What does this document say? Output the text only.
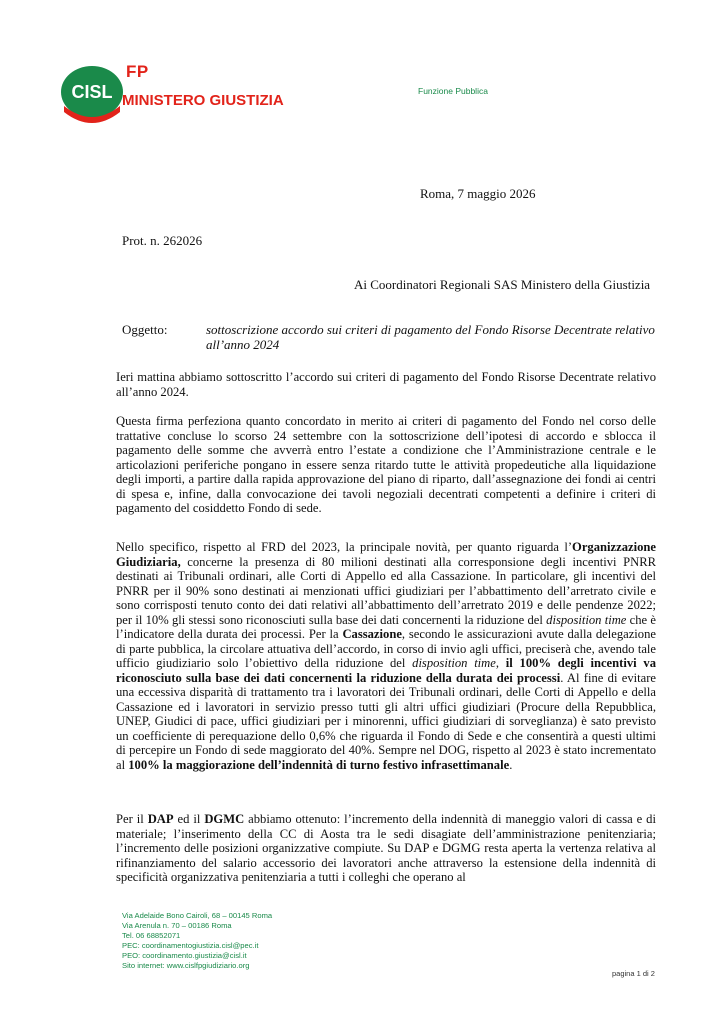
CISL
FP
MINISTERO GIUSTIZIA
Funzione Pubblica
Roma, 7 maggio 2026
Prot. n. 262026
Ai Coordinatori Regionali SAS Ministero della Giustizia
Oggetto:	sottoscrizione accordo sui criteri di pagamento del Fondo Risorse Decentrate relativo all’anno 2024
Ieri mattina abbiamo sottoscritto l’accordo sui criteri di pagamento del Fondo Risorse Decentrate relativo all’anno 2024.
Questa firma perfeziona quanto concordato in merito ai criteri di pagamento del Fondo nel corso delle trattative concluse lo scorso 24 settembre con la sottoscrizione dell’ipotesi di accordo e sblocca il pagamento delle somme che avverrà entro l’estate a condizione che l’Amministrazione centrale e le articolazioni periferiche pongano in essere senza ritardo tutte le attività propedeutiche alla liquidazione degli importi, a partire dalla rapida approvazione del piano di riparto, dall’assegnazione dei fondi ai centri di spesa e, infine, dalla convocazione dei tavoli negoziali decentrati competenti a definire i criteri di pagamento del cosiddetto Fondo di sede.
Nello specifico, rispetto al FRD del 2023, la principale novità, per quanto riguarda l’Organizzazione Giudiziaria, concerne la presenza di 80 milioni destinati alla corresponsione degli incentivi PNRR destinati ai Tribunali ordinari, alle Corti di Appello ed alla Cassazione. In particolare, gli incentivi del PNRR per il 90% sono destinati ai menzionati uffici giudiziari per l’abbattimento dell’arretrato civile e sono corrisposti tenuto conto dei dati relativi all’abbattimento dell’arretrato 2019 e delle pendenze 2022; per il 10% gli stessi sono riconosciuti sulla base dei dati concernenti la riduzione del disposition time che è l’indicatore della durata dei processi. Per la Cassazione, secondo le assicurazioni avute dalla delegazione di parte pubblica, la circolare attuativa dell’accordo, in corso di invio agli uffici, preciserà che, avendo tale ufficio giudiziario solo l’obiettivo della riduzione del disposition time, il 100% degli incentivi va riconosciuto sulla base dei dati concernenti la riduzione della durata dei processi. Al fine di evitare una eccessiva disparità di trattamento tra i lavoratori dei Tribunali ordinari, delle Corti di Appello e della Cassazione ed i lavoratori in servizio presso tutti gli altri uffici giudiziari (Procure della Repubblica, UNEP, Giudici di pace, uffici giudiziari per i minorenni, uffici giudiziari di sorveglianza) è sato previsto un coefficiente di perequazione dello 0,6% che riguarda il Fondo di Sede e che consentirà a questi ultimi di percepire un Fondo di sede maggiorato del 40%. Sempre nel DOG, rispetto al 2023 è stato incrementato al 100% la maggiorazione dell’indennità di turno festivo infrasettimanale.
Per il DAP ed il DGMC abbiamo ottenuto: l’incremento della indennità di maneggio valori di cassa e di materiale; l’inserimento della CC di Aosta tra le sedi disagiate dell’amministrazione penitenziaria; l’incremento delle posizioni organizzative compiute. Su DAP e DGMG resta aperta la vertenza relativa al rifinanziamento del salario accessorio dei lavoratori anche attraverso la estensione della indennità di specificità organizzativa penitenziaria a tutti i colleghi che operano al
Via Adelaide Bono Cairoli, 68 – 00145 Roma
Via Arenula n. 70 – 00186 Roma
Tel. 06 68852071
PEC: coordinamentogiustizia.cisl@pec.it
PEO: coordinamento.giustizia@cisl.it
Sito internet: www.cislfpgiudiziario.org
pagina 1 di 2
